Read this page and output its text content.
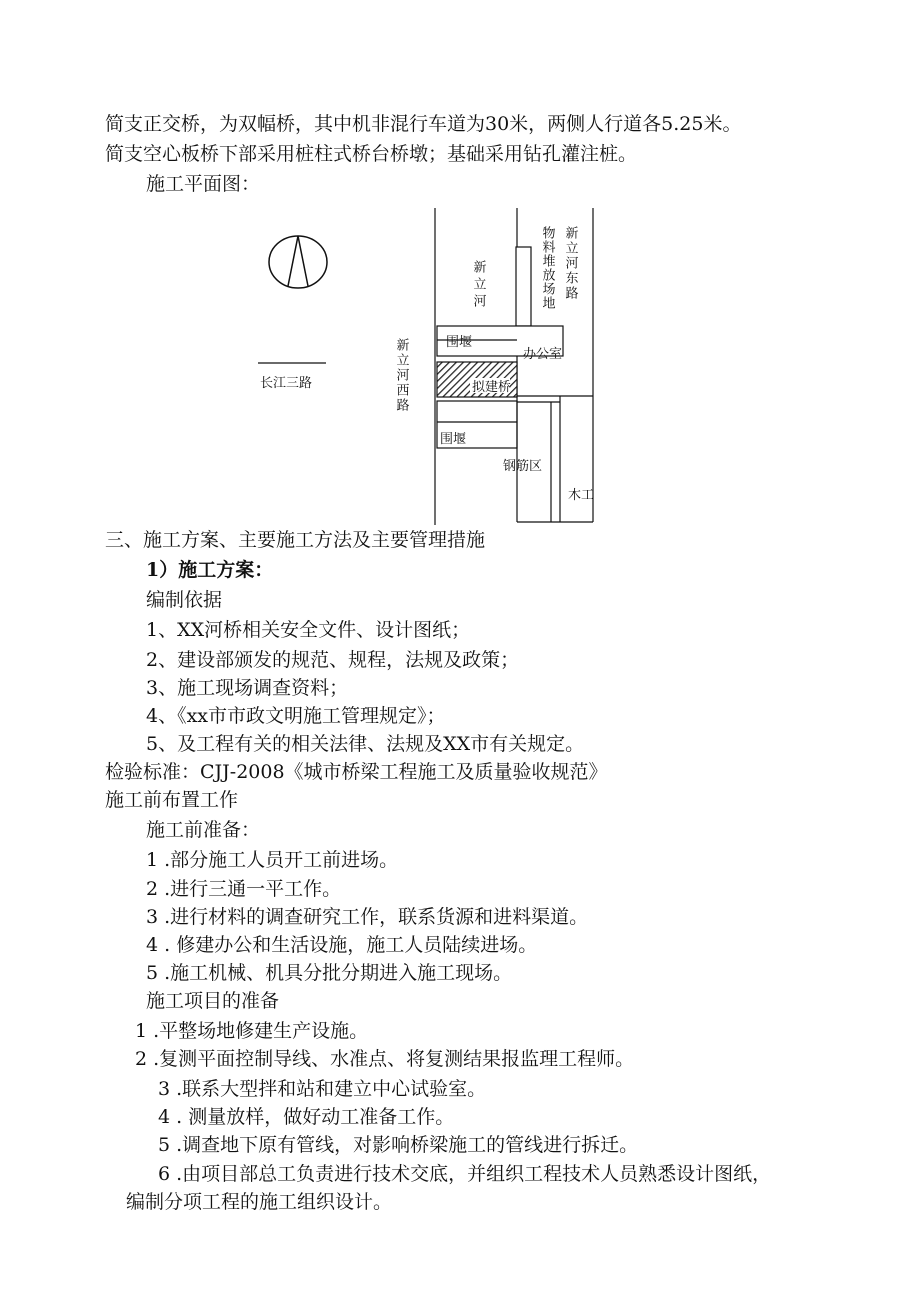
简支正交桥，为双幅桥，其中机非混行车道为30米，两侧人行道各5.25米。
简支空心板桥下部采用桩柱式桥台桥墩；基础采用钻孔灌注桩。
施工平面图：
长江三路	新立河西路
新立河	物料堆放场地 新立河东路
围堰
办公室
拟建桥
围堰
钢筋区
木工
三、施工方案、主要施工方法及主要管理措施
1）施工方案：
编制依据
1、XX河桥相关安全文件、设计图纸；
2、建设部颁发的规范、规程，法规及政策；
3、施工现场调查资料；
4、《xx市市政文明施工管理规定》；
5、及工程有关的相关法律、法规及XX市有关规定。
检验标准：CJJ-2008《城市桥梁工程施工及质量验收规范》
施工前布置工作
施工前准备：
1 .部分施工人员开工前进场。
2 .进行三通一平工作。
3 .进行材料的调查研究工作，联系货源和进料渠道。
4 . 修建办公和生活设施，施工人员陆续进场。
5 .施工机械、机具分批分期进入施工现场。
施工项目的准备
1 .平整场地修建生产设施。
2 .复测平面控制导线、水准点、将复测结果报监理工程师。
3 .联系大型拌和站和建立中心试验室。
4 . 测量放样，做好动工准备工作。
5 .调查地下原有管线，对影响桥梁施工的管线进行拆迁。
6 .由项目部总工负责进行技术交底，并组织工程技术人员熟悉设计图纸，
编制分项工程的施工组织设计。
